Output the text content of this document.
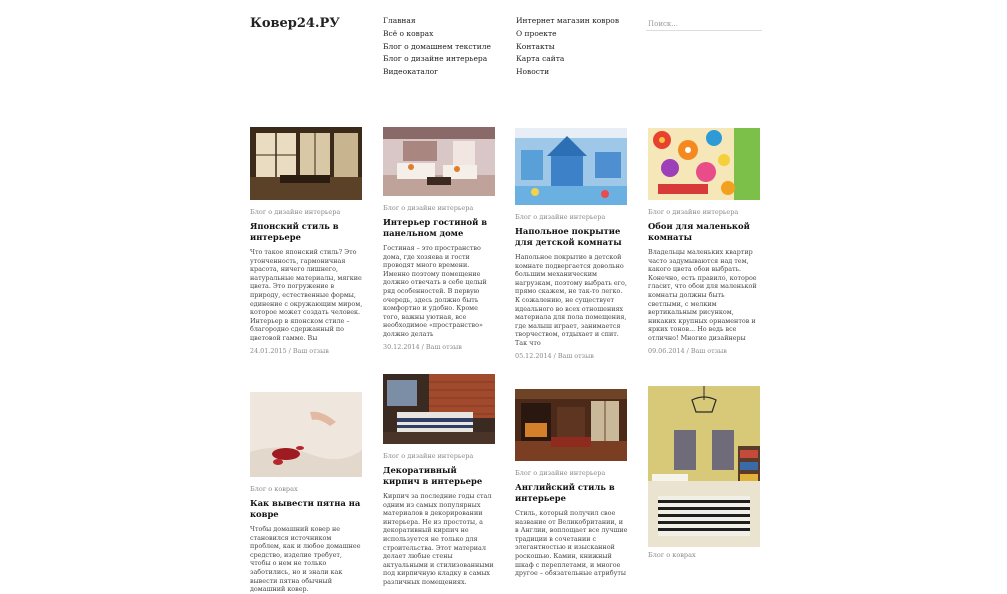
Ковер24.РУ	Главная
Всё о коврах
Блог о домашнем текстиле
Блог о дизайне интерьера
Видеокаталог
Интернет магазин ковров
О проекте
Контакты
Карта сайта
Новости
Поиск...
Блог о дизайне интерьера
Японский стиль в интерьере

Что такое японский стиль? Это утонченность, гармоничная красота, ничего лишнего, натуральные материалы, мягкие цвета. Это погружение в природу, естественные формы, единение с окружающим миром, которое может создать человек. Интерьер в японском стиле – благородно сдержанный по цветовой гамме. Вы

24.01.2015 / Ваш отзыв
Блог о дизайне интерьера
Интерьер гостиной в панельном доме

Гостиная – это пространство дома, где хозяева и гости проводят много времени. Именно поэтому помещение должно отвечать в себе целый ряд особенностей. В первую очередь, здесь должно быть комфортно и удобно. Кроме того, важны уютная, все необходимое «пространство» должно делать

30.12.2014 / Ваш отзыв
Блог о дизайне интерьера
Напольное покрытие для детской комнаты

Напольное покрытие в детской комнате подвергается довольно большим механическим нагрузкам, поэтому выбрать его, прямо скажем, не так-то легко. К сожалению, не существует идеального во всех отношениях материала для пола помещения, где малыш играет, занимается творчеством, отдыхает и спит. Так что

05.12.2014 / Ваш отзыв
Блог о дизайне интерьера
Обои для маленькой комнаты

Владельцы маленьких квартир часто задумываются над тем, какого цвета обои выбрать. Конечно, есть правило, которое гласит, что обои для маленькой комнаты должны быть светлыми, с мелким вертикальным рисунком, никаких крупных орнаментов и ярких тонов... Но ведь все отлично! Многие дизайнеры

09.06.2014 / Ваш отзыв
Блог о коврах
Как вывести пятна на ковре

Чтобы домашний ковер не становился источником проблем, как и любое домашнее средство, изделие требует, чтобы о нем не только заботились, но и знали как вывести пятна обычный домашний ковер.

Блог о дизайне интерьера
Декоративный кирпич в интерьере

Кирпич за последние годы стал одним из самых популярных материалов в декорировании интерьера. Не из простоты, а декоративный кирпич не используется не только для строительства. Этот материал делает любые стены актуальными и стилизованными под кирпичную кладку в самых различных помещениях.

Блог о дизайне интерьера
Английский стиль в интерьере

Стиль, который получил свое название от Великобритании, и в Англии, воплощает все лучшие традиции в сочетании с элегантностью и изысканной роскошью. Камин, книжный шкаф с переплетами, и многое другое – обязательные атрибуты

Блог о коврах
